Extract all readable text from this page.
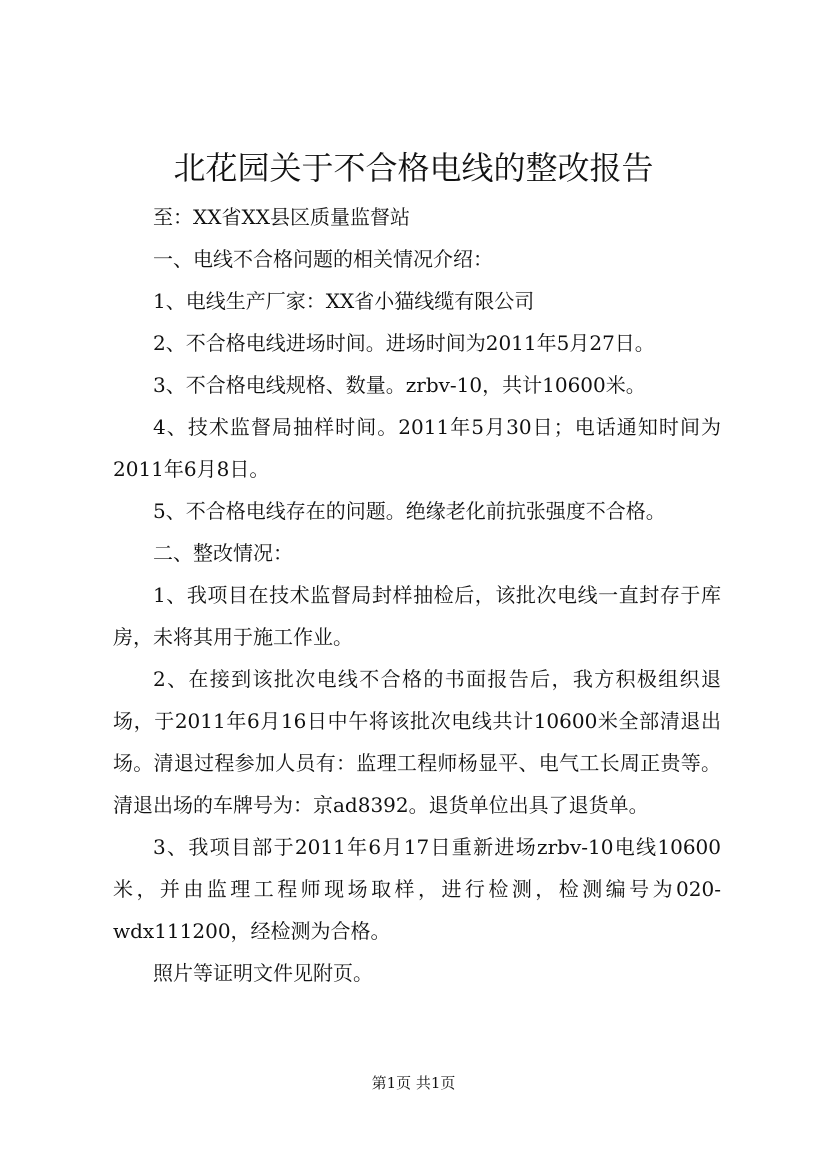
北花园关于不合格电线的整改报告

至：XX省XX县区质量监督站

一、电线不合格问题的相关情况介绍：

1、电线生产厂家：XX省小猫线缆有限公司

2、不合格电线进场时间。进场时间为2011年5月27日。

3、不合格电线规格、数量。zrbv-10，共计10600米。

4、技术监督局抽样时间。2011年5月30日；电话通知时间为2011年6月8日。

5、不合格电线存在的问题。绝缘老化前抗张强度不合格。

二、整改情况：

1、我项目在技术监督局封样抽检后，该批次电线一直封存于库房，未将其用于施工作业。

2、在接到该批次电线不合格的书面报告后，我方积极组织退场，于2011年6月16日中午将该批次电线共计10600米全部清退出场。清退过程参加人员有：监理工程师杨显平、电气工长周正贵等。清退出场的车牌号为：京ad8392。退货单位出具了退货单。

3、我项目部于2011年6月17日重新进场zrbv-10电线10600米，并由监理工程师现场取样，进行检测，检测编号为020-wdx111200，经检测为合格。

照片等证明文件见附页。

第1页 共1页
